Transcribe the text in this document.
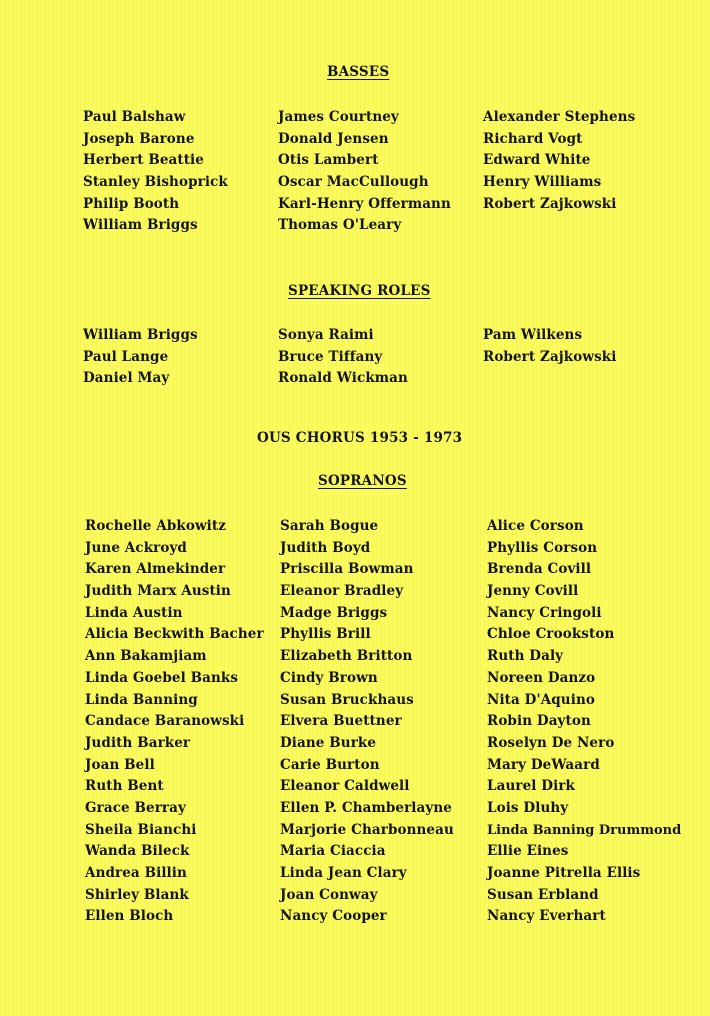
BASSES
Paul Balshaw
Joseph Barone
Herbert Beattie
Stanley Bishoprick
Philip Booth
William Briggs
James Courtney
Donald Jensen
Otis Lambert
Oscar MacCullough
Karl-Henry Offermann
Thomas O'Leary
Alexander Stephens
Richard Vogt
Edward White
Henry Williams
Robert Zajkowski
SPEAKING ROLES
William Briggs
Paul Lange
Daniel May
Sonya Raimi
Bruce Tiffany
Ronald Wickman
Pam Wilkens
Robert Zajkowski
OUS CHORUS 1953 - 1973
SOPRANOS
Rochelle Abkowitz
June Ackroyd
Karen Almekinder
Judith Marx Austin
Linda Austin
Alicia Beckwith Bacher
Ann Bakamjiam
Linda Goebel Banks
Linda Banning
Candace Baranowski
Judith Barker
Joan Bell
Ruth Bent
Grace Berray
Sheila Bianchi
Wanda Bileck
Andrea Billin
Shirley Blank
Ellen Bloch
Sarah Bogue
Judith Boyd
Priscilla Bowman
Eleanor Bradley
Madge Briggs
Phyllis Brill
Elizabeth Britton
Cindy Brown
Susan Bruckhaus
Elvera Buettner
Diane Burke
Carie Burton
Eleanor Caldwell
Ellen P. Chamberlayne
Marjorie Charbonneau
Maria Ciaccia
Linda Jean Clary
Joan Conway
Nancy Cooper
Alice Corson
Phyllis Corson
Brenda Covill
Jenny Covill
Nancy Cringoli
Chloe Crookston
Ruth Daly
Noreen Danzo
Nita D'Aquino
Robin Dayton
Roselyn De Nero
Mary DeWaard
Laurel Dirk
Lois Dluhy
Linda Banning Drummond
Ellie Eines
Joanne Pitrella Ellis
Susan Erbland
Nancy Everhart
